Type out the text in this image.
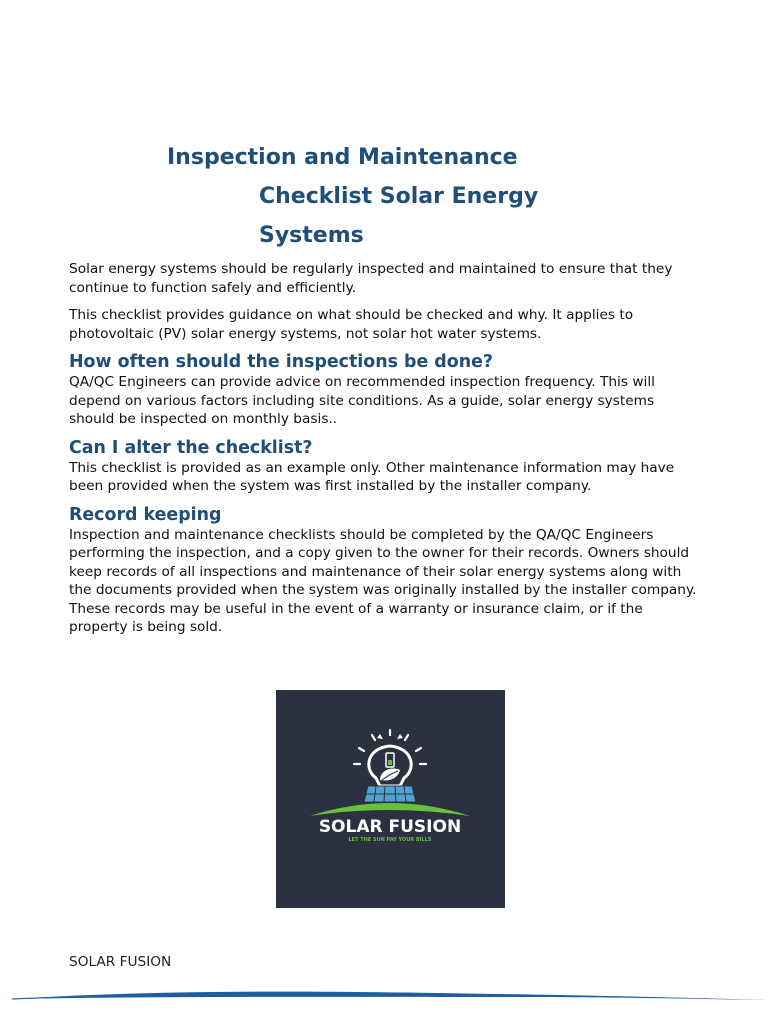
Inspection and Maintenance
Checklist Solar Energy
Systems

Solar energy systems should be regularly inspected and maintained to ensure that they continue to function safely and efficiently.

This checklist provides guidance on what should be checked and why. It applies to photovoltaic (PV) solar energy systems, not solar hot water systems.

How often should the inspections be done?

QA/QC Engineers can provide advice on recommended inspection frequency. This will depend on various factors including site conditions. As a guide, solar energy systems should be inspected on monthly basis..

Can I alter the checklist?

This checklist is provided as an example only. Other maintenance information may have been provided when the system was first installed by the installer company.

Record keeping

Inspection and maintenance checklists should be completed by the QA/QC Engineers performing the inspection, and a copy given to the owner for their records. Owners should keep records of all inspections and maintenance of their solar energy systems along with the documents provided when the system was originally installed by the installer company. These records may be useful in the event of a warranty or insurance claim, or if the property is being sold.

SOLAR FUSION
LET THE SUN PAY YOUR BILLS
SOLAR FUSION
